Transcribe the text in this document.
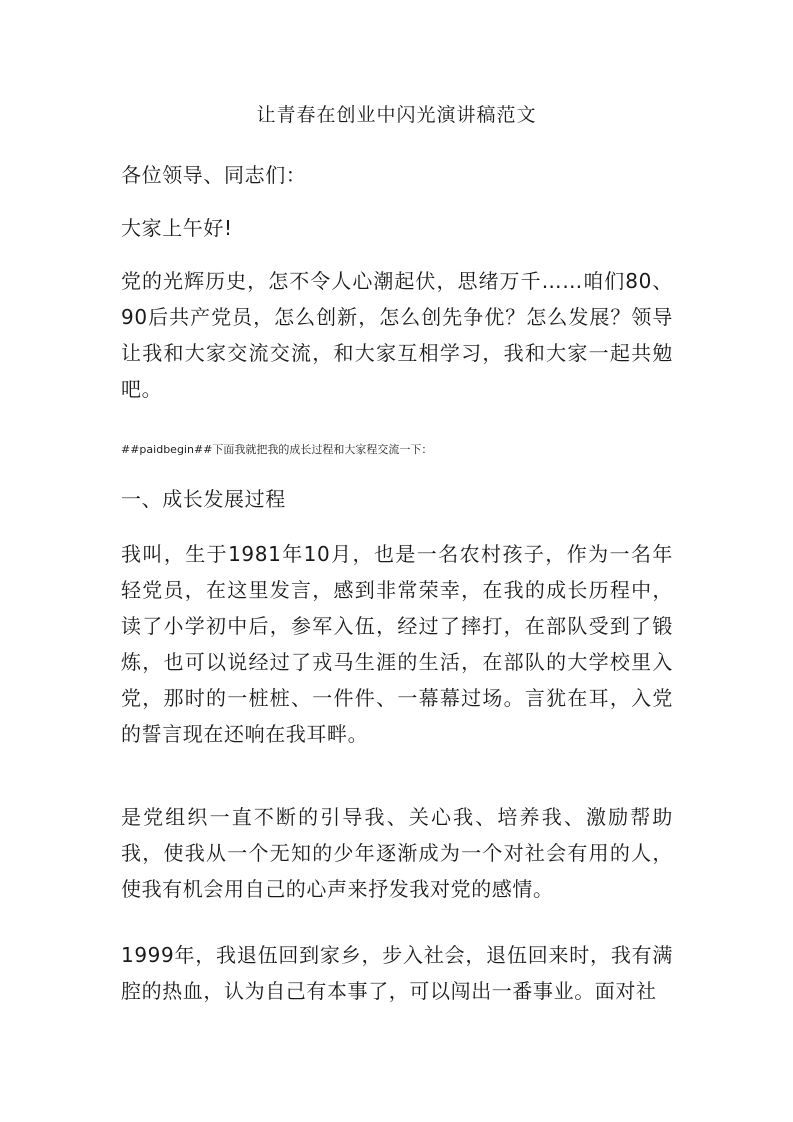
让青春在创业中闪光演讲稿范文
各位领导、同志们：
大家上午好!
党的光辉历史，怎不令人心潮起伏，思绪万千……咱们80、90后共产党员，怎么创新，怎么创先争优？怎么发展？领导让我和大家交流交流，和大家互相学习，我和大家一起共勉吧。
##paidbegin##下面我就把我的成长过程和大家程交流一下：
一、成长发展过程
我叫，生于1981年10月，也是一名农村孩子，作为一名年轻党员，在这里发言，感到非常荣幸，在我的成长历程中，读了小学初中后，参军入伍，经过了摔打，在部队受到了锻炼，也可以说经过了戎马生涯的生活，在部队的大学校里入党，那时的一桩桩、一件件、一幕幕过场。言犹在耳，入党的誓言现在还响在我耳畔。
是党组织一直不断的引导我、关心我、培养我、激励帮助我，使我从一个无知的少年逐渐成为一个对社会有用的人，使我有机会用自己的心声来抒发我对党的感情。
1999年，我退伍回到家乡，步入社会，退伍回来时，我有满腔的热血，认为自己有本事了，可以闯出一番事业。面对社
